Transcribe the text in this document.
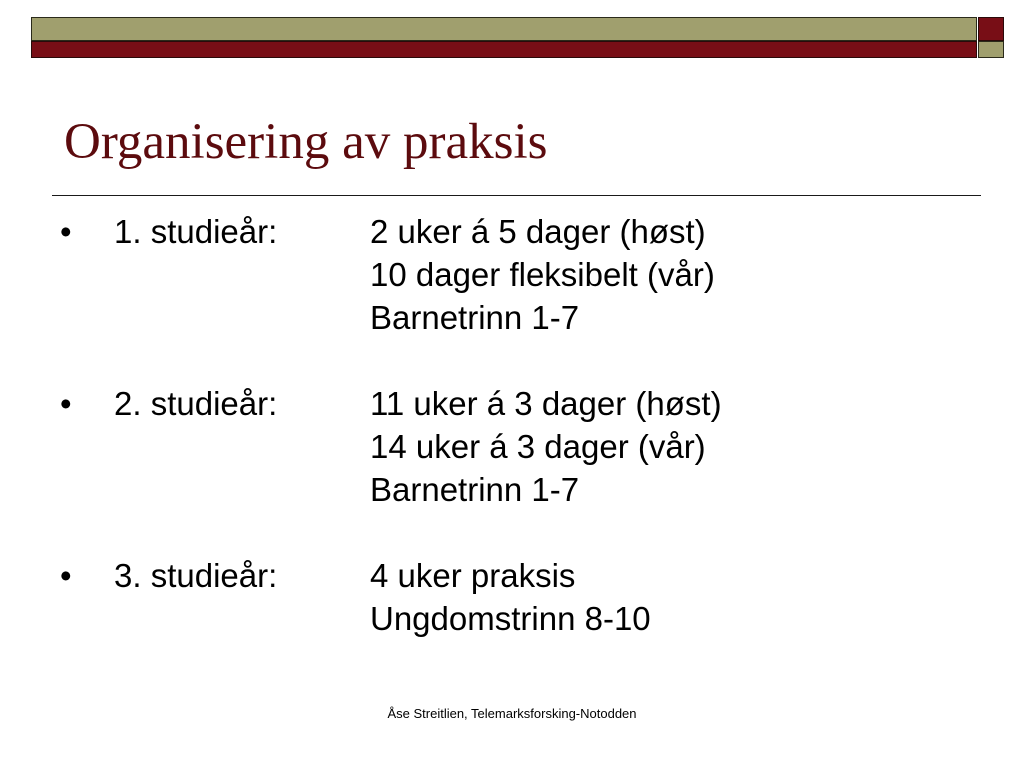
Organisering av praksis
•	1. studieår:	2 uker á 5 dager (høst)
10 dager fleksibelt (vår)
Barnetrinn 1-7
•	2. studieår:	11 uker á 3 dager (høst)
14 uker á 3 dager (vår)
Barnetrinn 1-7
•	3. studieår:	4 uker praksis
Ungdomstrinn 8-10
Åse Streitlien, Telemarksforsking-Notodden
